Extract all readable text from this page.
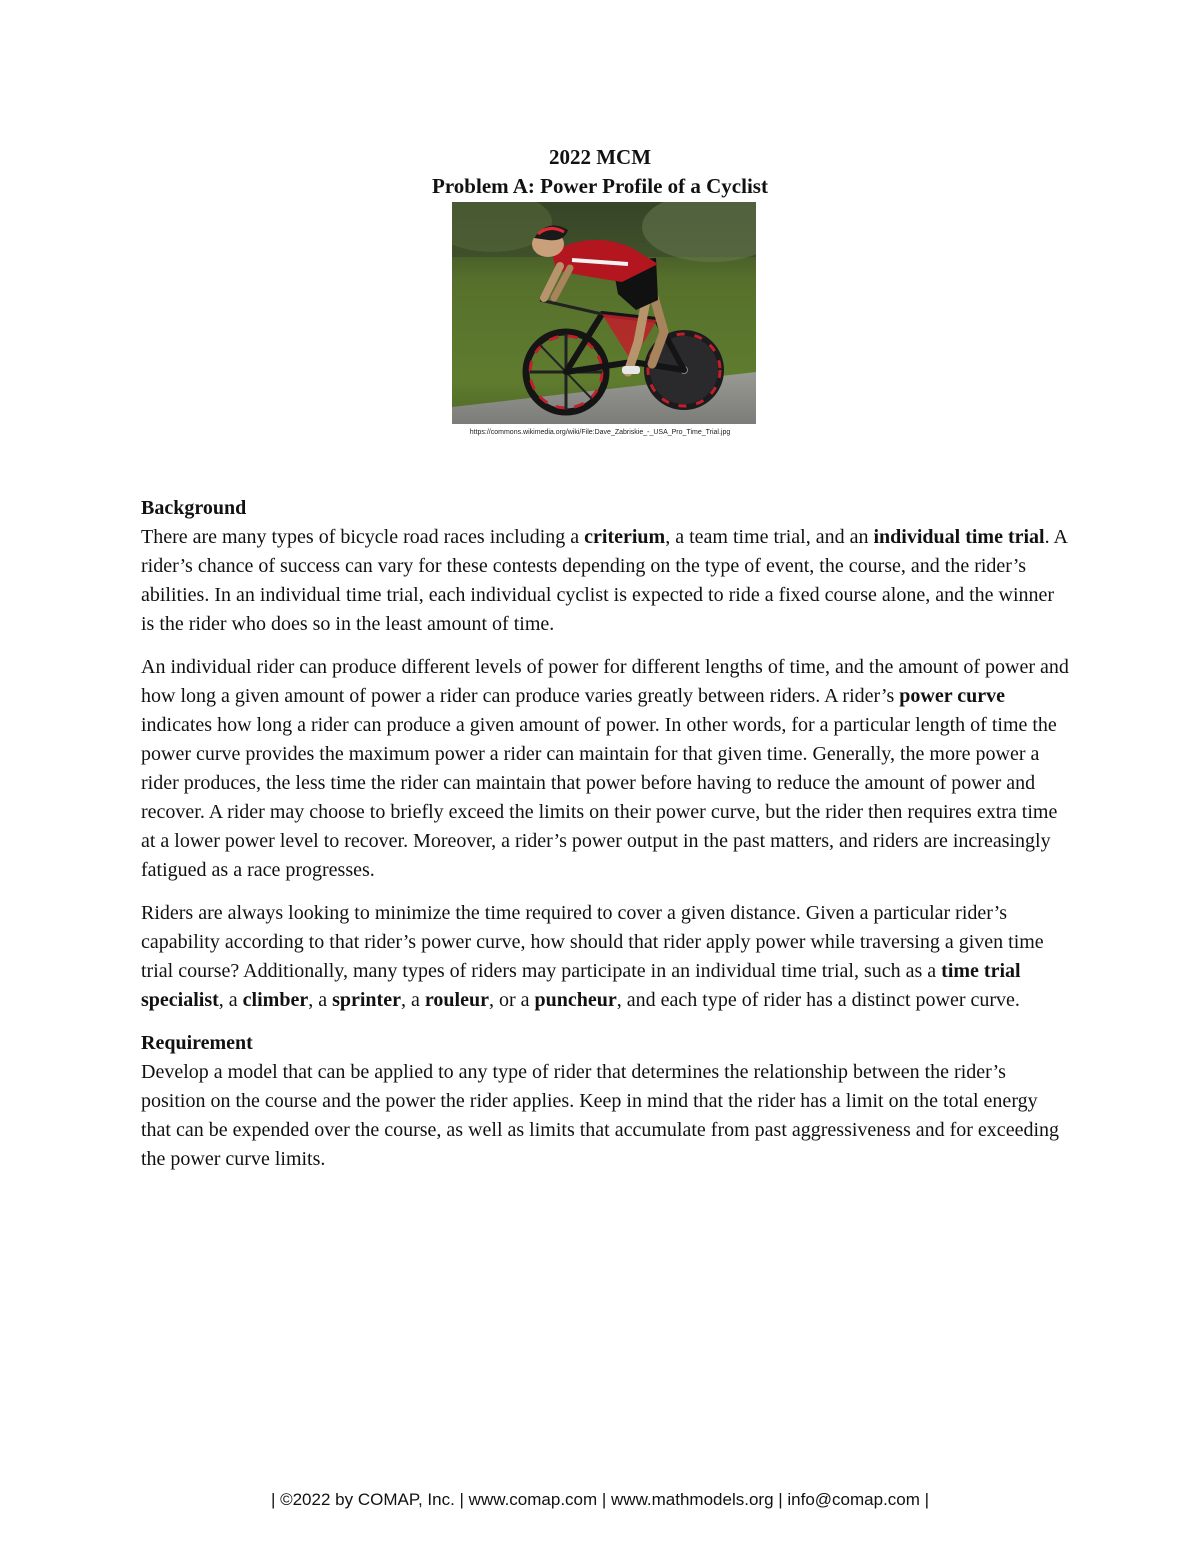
2022 MCM
Problem A: Power Profile of a Cyclist
https://commons.wikimedia.org/wiki/File:Dave_Zabriskie_-_USA_Pro_Time_Trial.jpg

Background

There are many types of bicycle road races including a criterium, a team time trial, and an individual time trial. A rider’s chance of success can vary for these contests depending on the type of event, the course, and the rider’s abilities. In an individual time trial, each individual cyclist is expected to ride a fixed course alone, and the winner is the rider who does so in the least amount of time.

An individual rider can produce different levels of power for different lengths of time, and the amount of power and how long a given amount of power a rider can produce varies greatly between riders. A rider’s power curve indicates how long a rider can produce a given amount of power. In other words, for a particular length of time the power curve provides the maximum power a rider can maintain for that given time. Generally, the more power a rider produces, the less time the rider can maintain that power before having to reduce the amount of power and recover. A rider may choose to briefly exceed the limits on their power curve, but the rider then requires extra time at a lower power level to recover. Moreover, a rider’s power output in the past matters, and riders are increasingly fatigued as a race progresses.

Riders are always looking to minimize the time required to cover a given distance. Given a particular rider’s capability according to that rider’s power curve, how should that rider apply power while traversing a given time trial course? Additionally, many types of riders may participate in an individual time trial, such as a time trial specialist, a climber, a sprinter, a rouleur, or a puncheur, and each type of rider has a distinct power curve.

Requirement

Develop a model that can be applied to any type of rider that determines the relationship between the rider’s position on the course and the power the rider applies. Keep in mind that the rider has a limit on the total energy that can be expended over the course, as well as limits that accumulate from past aggressiveness and for exceeding the power curve limits.

| ©2022 by COMAP, Inc. | www.comap.com | www.mathmodels.org | info@comap.com |
